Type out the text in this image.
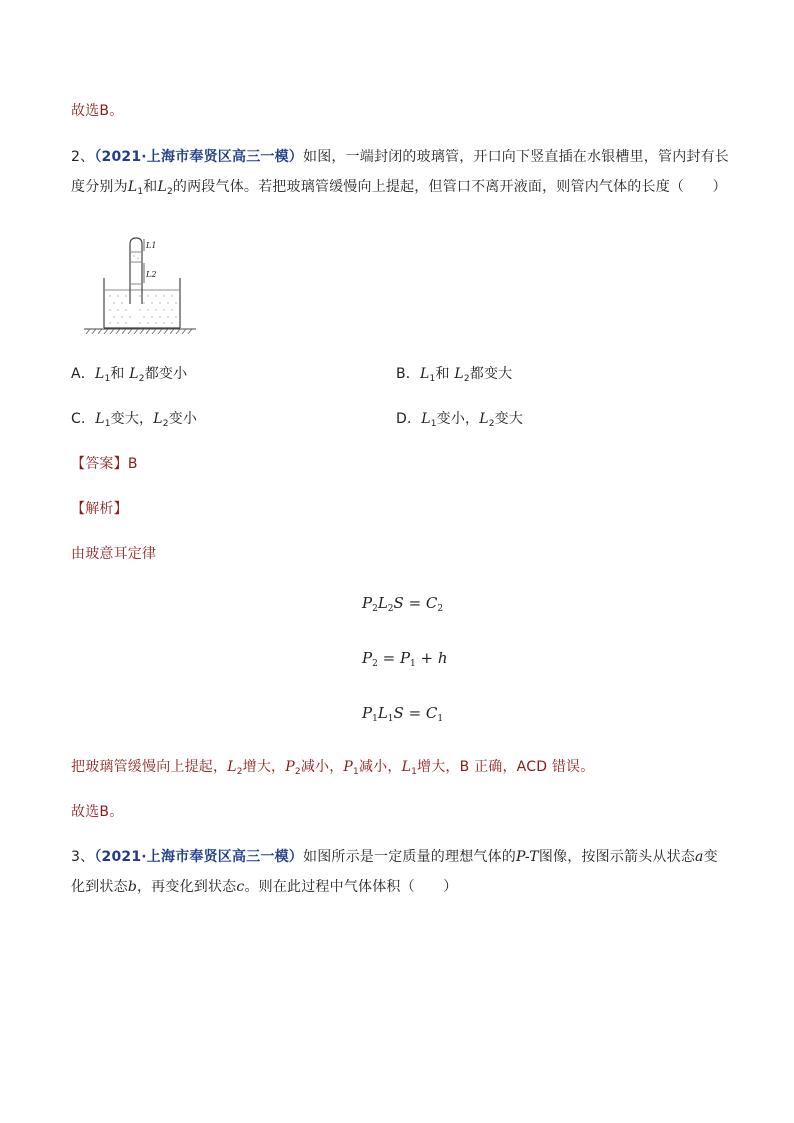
故选B。
2、（2021·上海市奉贤区高三一模）如图，一端封闭的玻璃管，开口向下竖直插在水银槽里，管内封有长
度分别为$L_1$和$L_2$的两段气体。若把玻璃管缓慢向上提起，但管口不离开液面，则管内气体的长度（　　）
L1
L2
A．$L_1$和 $L_2$都变小	B．$L_1$和 $L_2$都变大
C．$L_1$变大，$L_2$变小	D．$L_1$变小，$L_2$变大
【答案】B
【解析】
由玻意耳定律
$P_2L_2S = C_2$
$P_2 = P_1 + h$
$P_1L_1S = C_1$
把玻璃管缓慢向上提起，$L_2$增大，$P_2$减小，$P_1$减小，$L_1$增大，B 正确，ACD 错误。
故选B。
3、（2021·上海市奉贤区高三一模）如图所示是一定质量的理想气体的P-T图像，按图示箭头从状态a变
化到状态b，再变化到状态c。则在此过程中气体体积（　　）
